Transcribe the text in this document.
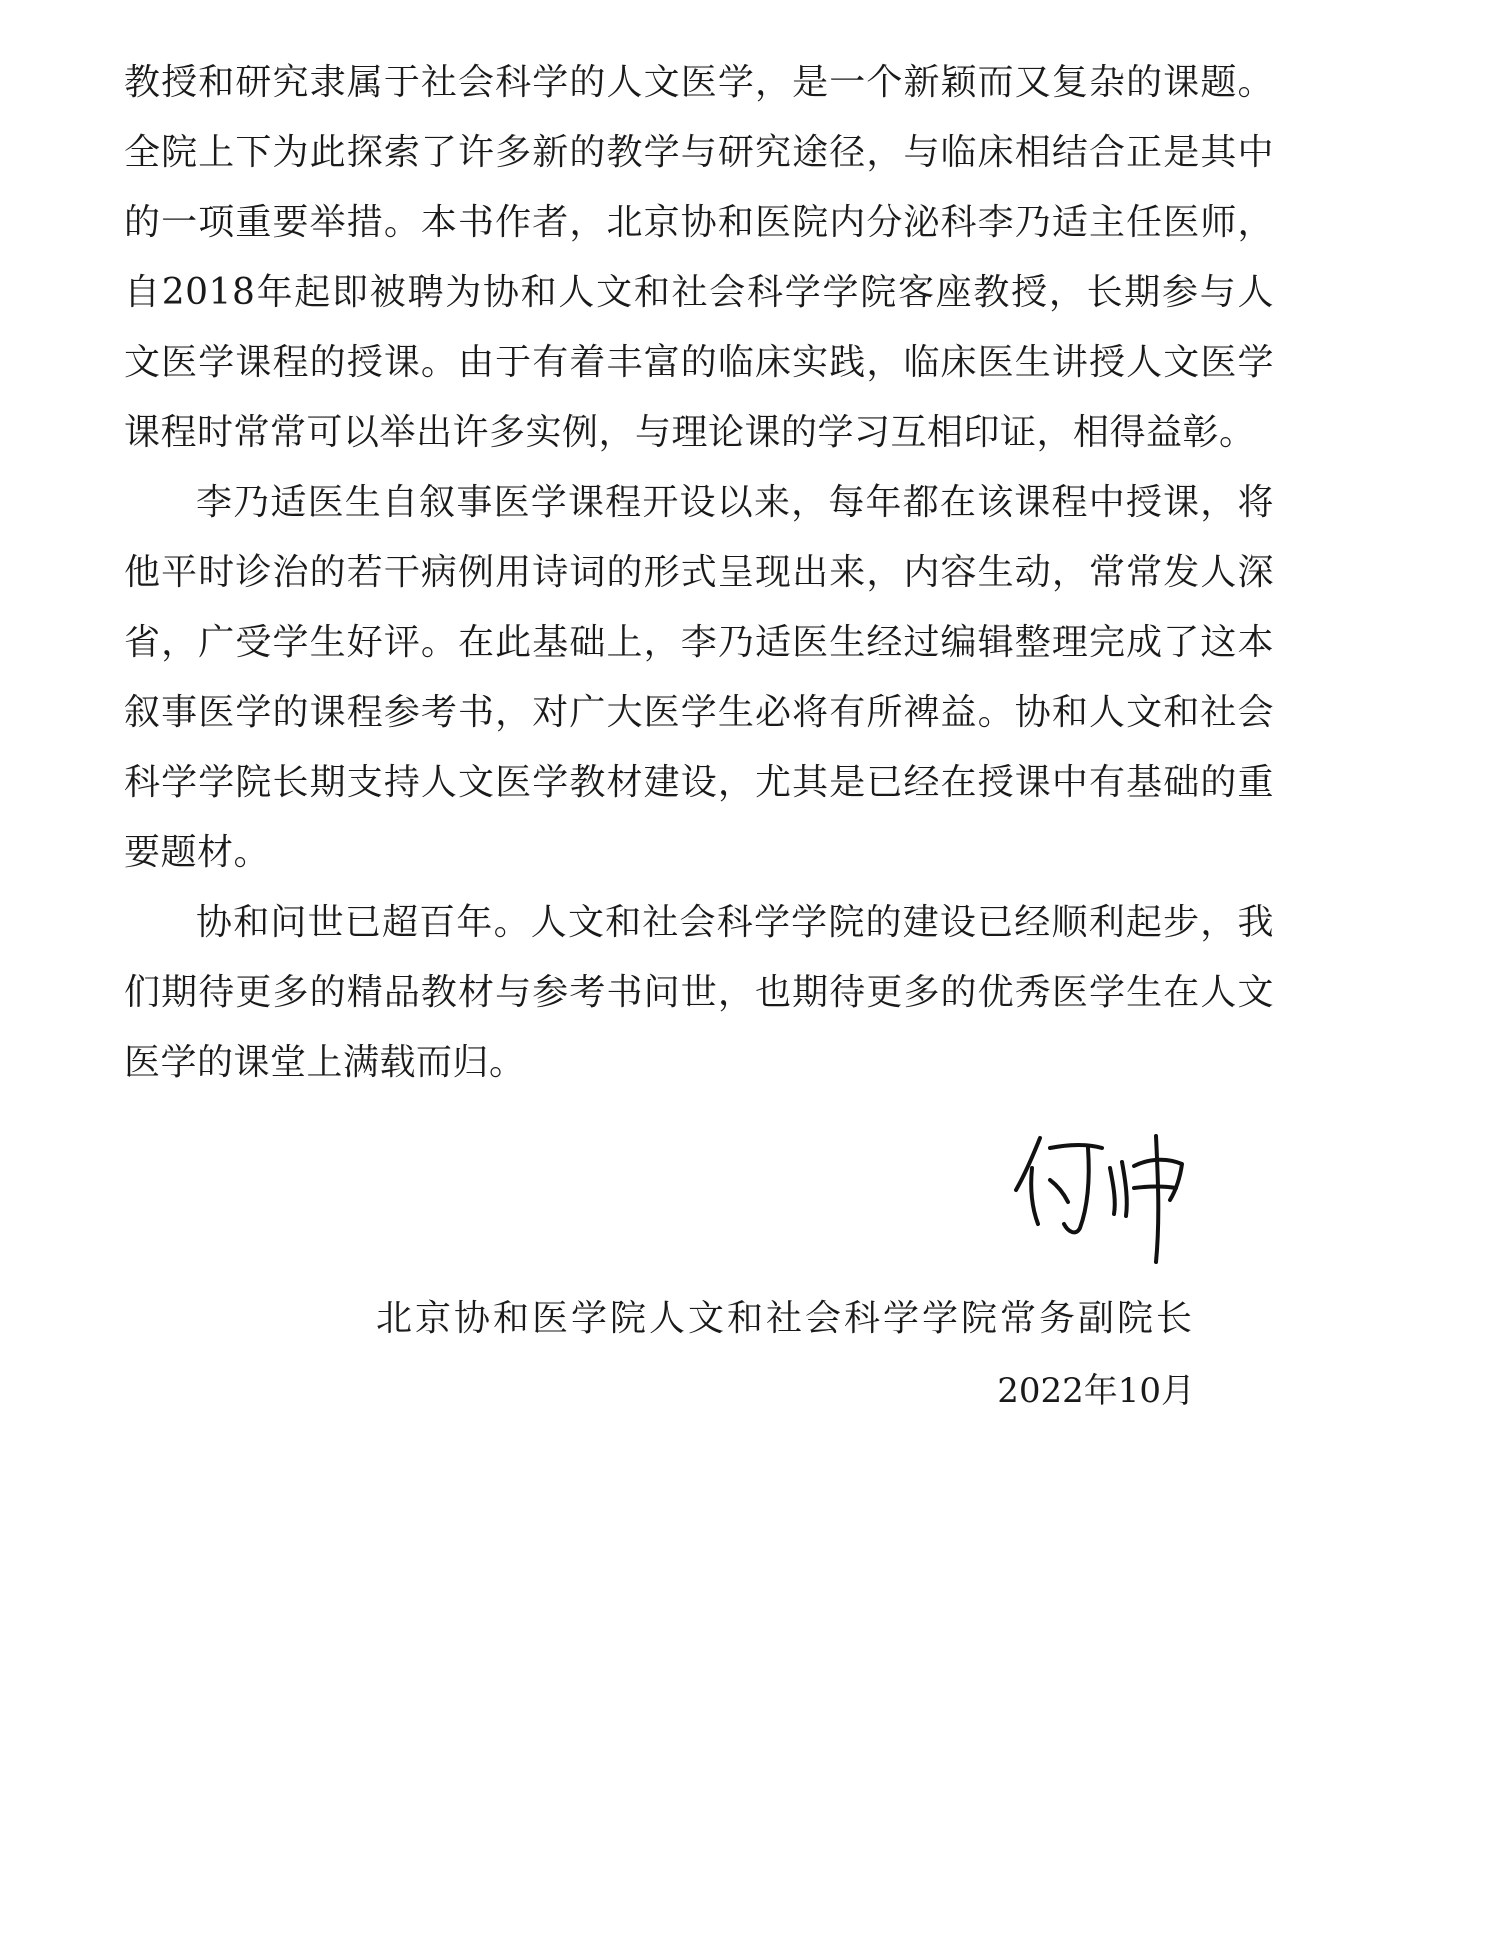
教授和研究隶属于社会科学的人文医学，是一个新颖而又复杂的课题。全院上下为此探索了许多新的教学与研究途径，与临床相结合正是其中的一项重要举措。本书作者，北京协和医院内分泌科李乃适主任医师，自2018年起即被聘为协和人文和社会科学学院客座教授，长期参与人文医学课程的授课。由于有着丰富的临床实践，临床医生讲授人文医学课程时常常可以举出许多实例，与理论课的学习互相印证，相得益彰。

李乃适医生自叙事医学课程开设以来，每年都在该课程中授课，将他平时诊治的若干病例用诗词的形式呈现出来，内容生动，常常发人深省，广受学生好评。在此基础上，李乃适医生经过编辑整理完成了这本叙事医学的课程参考书，对广大医学生必将有所裨益。协和人文和社会科学学院长期支持人文医学教材建设，尤其是已经在授课中有基础的重要题材。

协和问世已超百年。人文和社会科学学院的建设已经顺利起步，我们期待更多的精品教材与参考书问世，也期待更多的优秀医学生在人文医学的课堂上满载而归。

北京协和医学院人文和社会科学学院常务副院长
2022年10月
